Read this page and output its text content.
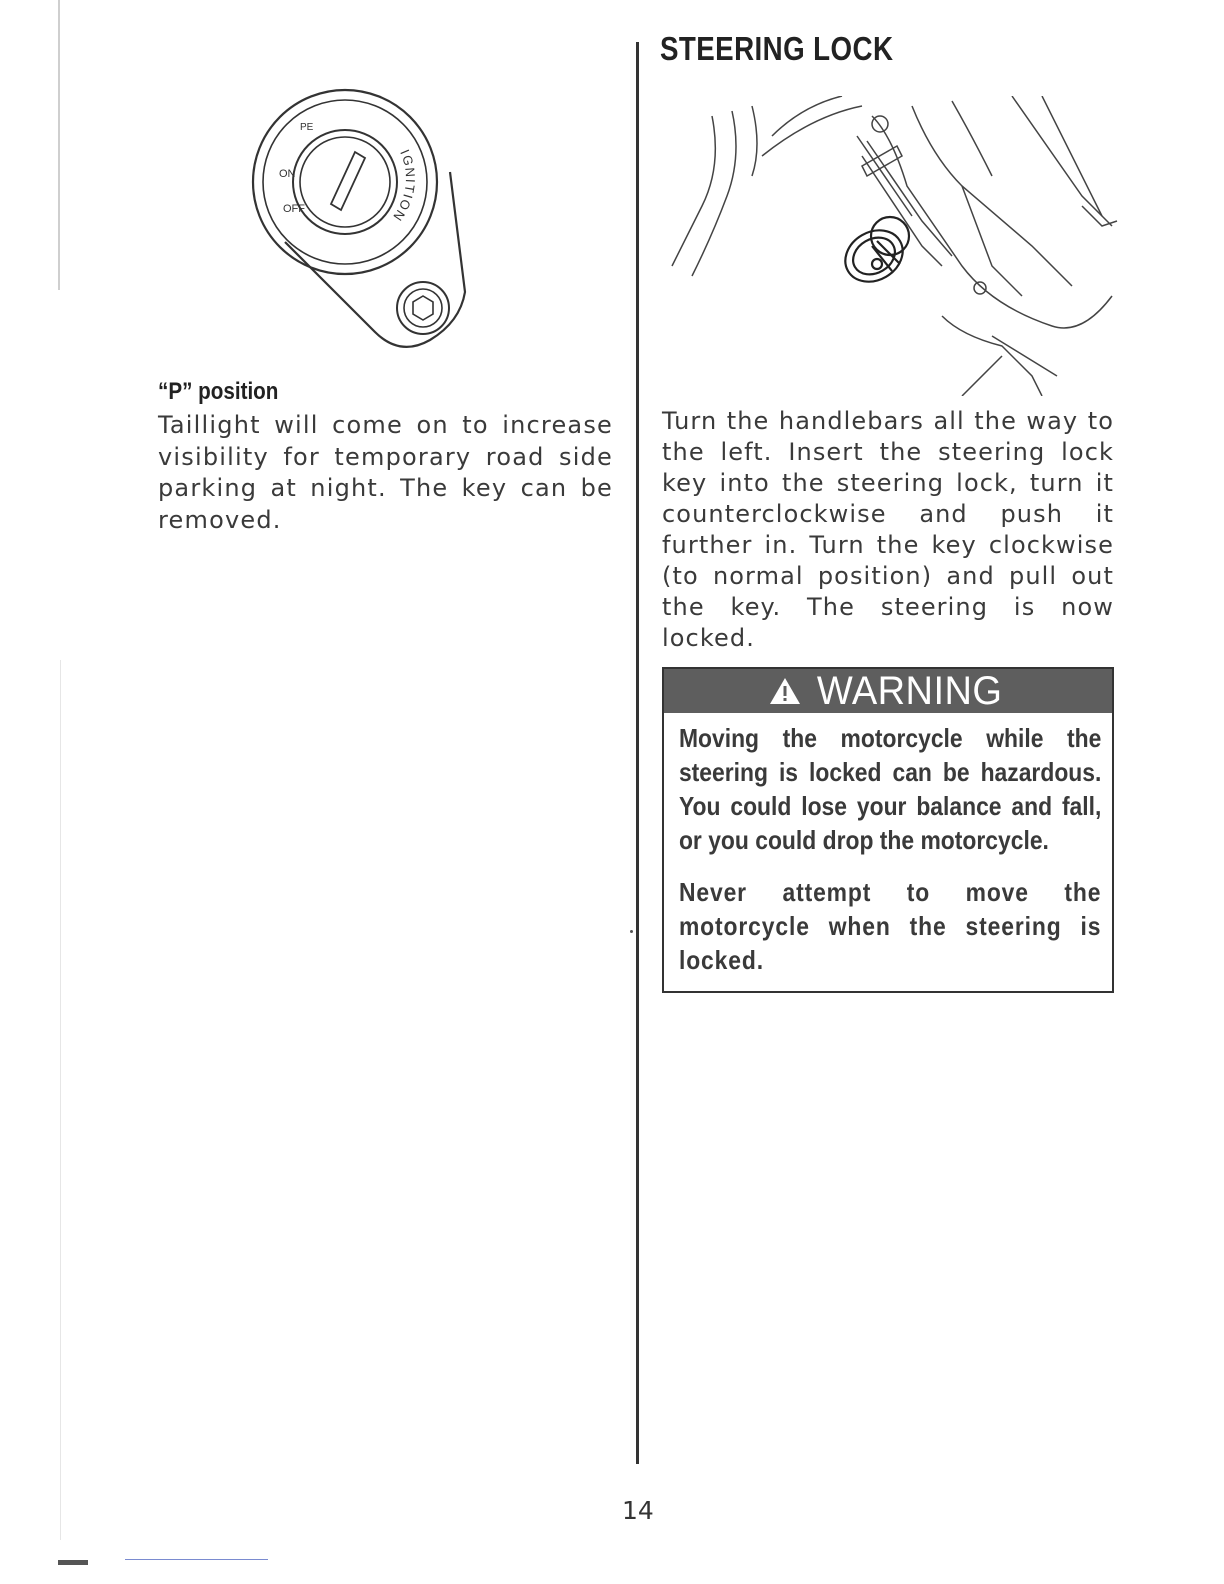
PE
ON
OFF
IGNITION
“P” position

Taillight will come on to increase visibility for temporary road side parking at night. The key can be removed.

STEERING LOCK

Turn the handlebars all the way to the left. Insert the steering lock key into the steering lock, turn it counterclockwise and push it further in. Turn the key clockwise (to normal position) and pull out the key. The steering is now locked.

WARNING

Moving the motorcycle while the steering is locked can be hazardous. You could lose your balance and fall, or you could drop the motorcycle.

Never attempt to move the motorcycle when the steering is locked.

14
